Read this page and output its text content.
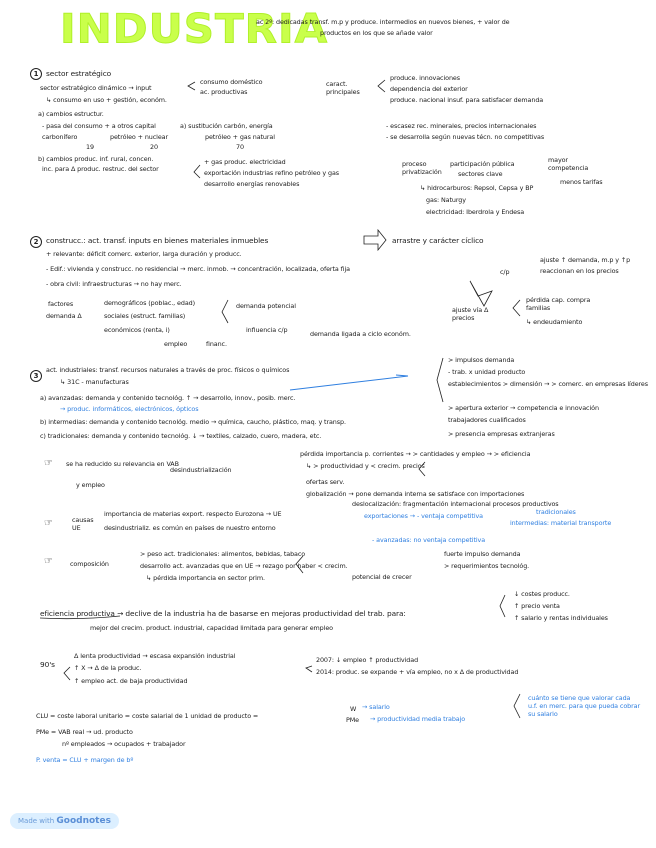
INDUSTRIA
ac 2º: dedicadas transf. m.p y produce. intermedios en nuevos bienes, + valor de
productos en los que se añade valor
1	sector estratégico
sector estratégico dinámico → input
consumo doméstico
ac. productivas
↳ consumo en uso + gestión, económ.
a) cambios estructur.
- pasa del consumo + a otros capital	a) sustitución carbón, energía
carbonífero	petróleo + nuclear	petróleo + gas natural
19	20	70
b) cambios produc. inf. rural, concen.
inc. para Δ produc. restruc. del sector
+ gas produc. electricidad
exportación industrias refino petróleo y gas
desarrollo energías renovables
caract. principales
produce. innovaciones
dependencia del exterior
produce. nacional insuf. para satisfacer demanda
- escasez rec. minerales, precios internacionales
- se desarrolla según nuevas técn. no competitivas
proceso privatización
participación pública
sectores clave
mayor competencia
menos tarifas
↳ hidrocarburos: Repsol, Cepsa y BP
gas: Naturgy
electricidad: Iberdrola y Endesa
2	construcc.: act. transf. inputs en bienes materiales inmuebles
+ relevante: déficit comerc. exterior, larga duración y producc.
- Edif.: vivienda y construcc. no residencial → merc. inmob. → concentración, localizada, oferta fija
- obra civil: infraestructuras → no hay merc.
arrastre y carácter cíclico
ajuste ↑ demanda, m.p y ↑p
reaccionan en los precios
c/p
factores
demanda Δ
demográficos (poblac., edad)
sociales (estruct. familias)
económicos (renta, i)
demanda potencial
influencia c/p	demanda ligada a ciclo económ.
empleo	financ.
ajuste vía Δ precios
pérdida cap. compra familias
↳ endeudamiento
3
act. industriales: transf. recursos naturales a través de proc. físicos o químicos
↳ 31C - manufacturas
a) avanzadas: demanda y contenido tecnológ. ↑ → desarrollo, innov., posib. merc.
→ produc. informáticos, electrónicos, ópticos
b) intermedias: demanda y contenido tecnológ. medio → química, caucho, plástico, maq. y transp.
c) tradicionales: demanda y contenido tecnológ. ↓ → textiles, calzado, cuero, madera, etc.
> impulsos demanda
- trab. x unidad producto
establecimientos > dimensión → > comerc. en empresas líderes
> apertura exterior → competencia e innovación
trabajadores cualificados
> presencia empresas extranjeras
☞ se ha reducido su relevancia en VAB
y empleo
desindustrialización
pérdida importancia p. corrientes → > cantidades y empleo → > eficiencia
↳ > productividad y < crecim. precios
ofertas serv.
globalización → pone demanda interna se satisface con importaciones
deslocalización: fragmentación internacional procesos productivos
☞	causas UE
importancia de materias export. respecto Eurozona → UE
desindustrializ. es común en países de nuestro entorno
exportaciones → - ventaja competitiva	tradicionales
intermedias: material transporte
- avanzadas: no ventaja competitiva
☞	composición
> peso act. tradicionales: alimentos, bebidas, tabaco
desarrollo act. avanzadas que en UE → rezago por haber < crecim.
↳ pérdida importancia en sector prim.
fuerte impulso demanda
> requerimientos tecnológ.
potencial de crecer
eficiencia productiva → declive de la industria ha de basarse en mejoras productividad del trab. para:
mejor del crecim. product. industrial, capacidad limitada para generar empleo
↓ costes producc.
↑ precio venta
↑ salario y rentas individuales
90's
Δ lenta productividad → escasa expansión industrial
↑ X → Δ de la produc.
↑ empleo act. de baja productividad
2007: ↓ empleo ↑ productividad
2014: produc. se expande + vía empleo, no x Δ de productividad
CLU = coste laboral unitario = coste salarial de 1 unidad de producto =
W
PMe
→ salario
→ productividad media trabajo
cuánto se tiene que valorar cada u.f. en merc. para que pueda cobrar su salario
PMe = VAB real → ud. producto
nº empleados → ocupados + trabajador
P. venta = CLU + margen de bº
Made with Goodnotes
